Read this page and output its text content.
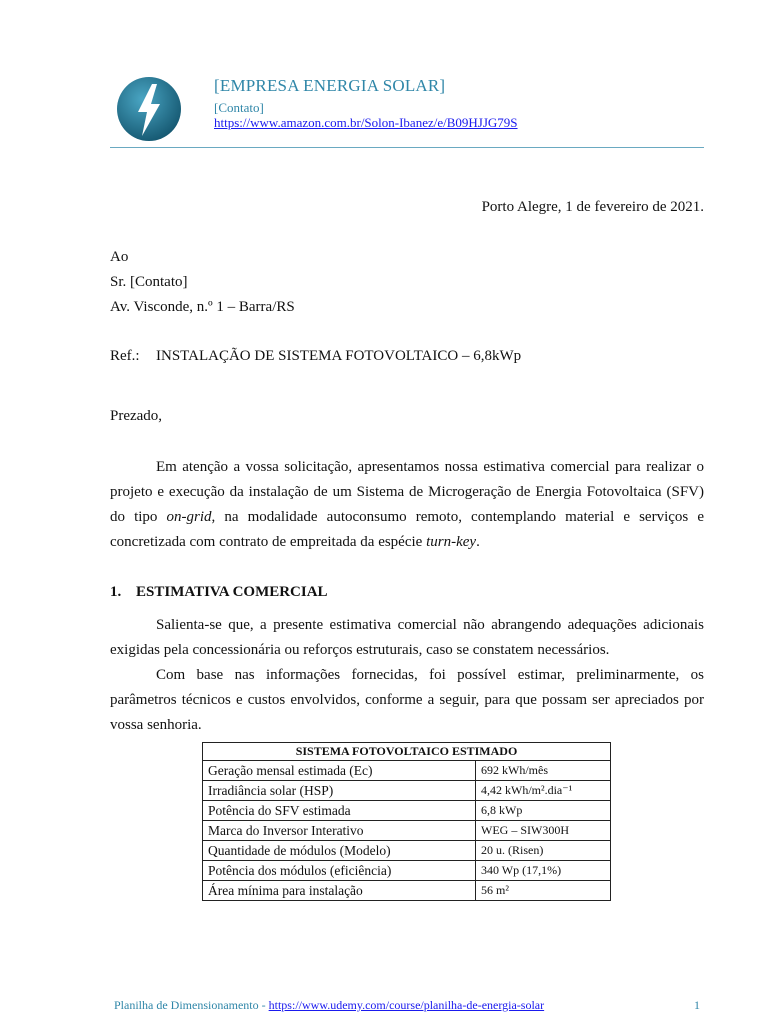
[EMPRESA ENERGIA SOLAR]
[Contato]
https://www.amazon.com.br/Solon-Ibanez/e/B09HJJG79S
Porto Alegre, 1 de fevereiro de 2021.
Ao
Sr. [Contato]
Av. Visconde, n.º 1 – Barra/RS
Ref.: INSTALAÇÃO DE SISTEMA FOTOVOLTAICO – 6,8kWp
Prezado,
Em atenção a vossa solicitação, apresentamos nossa estimativa comercial para realizar o projeto e execução da instalação de um Sistema de Microgeração de Energia Fotovoltaica (SFV) do tipo on-grid, na modalidade autoconsumo remoto, contemplando material e serviços e concretizada com contrato de empreitada da espécie turn-key.
1. ESTIMATIVA COMERCIAL
Salienta-se que, a presente estimativa comercial não abrangendo adequações adicionais exigidas pela concessionária ou reforços estruturais, caso se constatem necessários.
Com base nas informações fornecidas, foi possível estimar, preliminarmente, os parâmetros técnicos e custos envolvidos, conforme a seguir, para que possam ser apreciados por vossa senhoria.
SISTEMA FOTOVOLTAICO ESTIMADO	
Geração mensal estimada (Ec)	692 kWh/mês
Irradiância solar (HSP)	4,42 kWh/m².dia⁻¹
Potência do SFV estimada	6,8 kWp
Marca do Inversor Interativo	WEG – SIW300H
Quantidade de módulos (Modelo)	20 u. (Risen)
Potência dos módulos (eficiência)	340 Wp (17,1%)
Área mínima para instalação	56 m²
Planilha de Dimensionamento - https://www.udemy.com/course/planilha-de-energia-solar	1
